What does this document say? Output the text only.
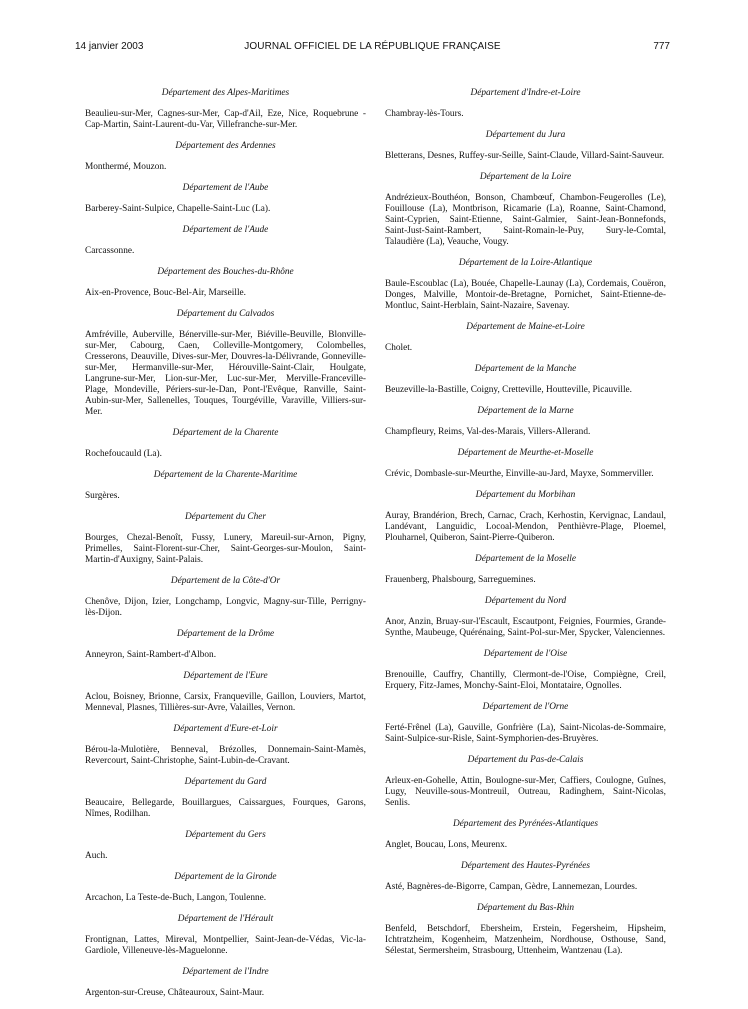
14 janvier 2003	JOURNAL OFFICIEL DE LA RÉPUBLIQUE FRANÇAISE	777

Département des Alpes-Maritimes

Beaulieu-sur-Mer, Cagnes-sur-Mer, Cap-d'Ail, Eze, Nice, Roquebrune - Cap-Martin, Saint-Laurent-du-Var, Villefranche-sur-Mer.

Département des Ardennes

Monthermé, Mouzon.

Département de l'Aube

Barberey-Saint-Sulpice, Chapelle-Saint-Luc (La).

Département de l'Aude

Carcassonne.

Département des Bouches-du-Rhône

Aix-en-Provence, Bouc-Bel-Air, Marseille.

Département du Calvados

Amfréville, Auberville, Bénerville-sur-Mer, Biéville-Beuville, Blonville-sur-Mer, Cabourg, Caen, Colleville-Montgomery, Colombelles, Cresserons, Deauville, Dives-sur-Mer, Douvres-la-Délivrande, Gonneville-sur-Mer, Hermanville-sur-Mer, Hérouville-Saint-Clair, Houlgate, Langrune-sur-Mer, Lion-sur-Mer, Luc-sur-Mer, Merville-Franceville-Plage, Mondeville, Périers-sur-le-Dan, Pont-l'Evêque, Ranville, Saint-Aubin-sur-Mer, Sallenelles, Touques, Tourgéville, Varaville, Villiers-sur-Mer.

Département de la Charente

Rochefoucauld (La).

Département de la Charente-Maritime

Surgères.

Département du Cher

Bourges, Chezal-Benoît, Fussy, Lunery, Mareuil-sur-Arnon, Pigny, Primelles, Saint-Florent-sur-Cher, Saint-Georges-sur-Moulon, Saint-Martin-d'Auxigny, Saint-Palais.

Département de la Côte-d'Or

Chenôve, Dijon, Izier, Longchamp, Longvic, Magny-sur-Tille, Perrigny-lès-Dijon.

Département de la Drôme

Anneyron, Saint-Rambert-d'Albon.

Département de l'Eure

Aclou, Boisney, Brionne, Carsix, Franqueville, Gaillon, Louviers, Martot, Menneval, Plasnes, Tillières-sur-Avre, Valailles, Vernon.

Département d'Eure-et-Loir

Bérou-la-Mulotière, Benneval, Brézolles, Donnemain-Saint-Mamès, Revercourt, Saint-Christophe, Saint-Lubin-de-Cravant.

Département du Gard

Beaucaire, Bellegarde, Bouillargues, Caissargues, Fourques, Garons, Nîmes, Rodilhan.

Département du Gers

Auch.

Département de la Gironde

Arcachon, La Teste-de-Buch, Langon, Toulenne.

Département de l'Hérault

Frontignan, Lattes, Mireval, Montpellier, Saint-Jean-de-Védas, Vic-la-Gardiole, Villeneuve-lès-Maguelonne.

Département de l'Indre

Argenton-sur-Creuse, Châteauroux, Saint-Maur.

Département d'Indre-et-Loire

Chambray-lès-Tours.

Département du Jura

Bletterans, Desnes, Ruffey-sur-Seille, Saint-Claude, Villard-Saint-Sauveur.

Département de la Loire

Andrézieux-Bouthéon, Bonson, Chambœuf, Chambon-Feugerolles (Le), Fouillouse (La), Montbrison, Ricamarie (La), Roanne, Saint-Chamond, Saint-Cyprien, Saint-Etienne, Saint-Galmier, Saint-Jean-Bonnefonds, Saint-Just-Saint-Rambert, Saint-Romain-le-Puy, Sury-le-Comtal, Talaudière (La), Veauche, Vougy.

Département de la Loire-Atlantique

Baule-Escoublac (La), Bouée, Chapelle-Launay (La), Cordemais, Couëron, Donges, Malville, Montoir-de-Bretagne, Pornichet, Saint-Etienne-de-Montluc, Saint-Herblain, Saint-Nazaire, Savenay.

Département de Maine-et-Loire

Cholet.

Département de la Manche

Beuzeville-la-Bastille, Coigny, Cretteville, Houtteville, Picauville.

Département de la Marne

Champfleury, Reims, Val-des-Marais, Villers-Allerand.

Département de Meurthe-et-Moselle

Crévic, Dombasle-sur-Meurthe, Einville-au-Jard, Mayxe, Sommerviller.

Département du Morbihan

Auray, Brandérion, Brech, Carnac, Crach, Kerhostin, Kervignac, Landaul, Landévant, Languidic, Locoal-Mendon, Penthièvre-Plage, Ploemel, Plouharnel, Quiberon, Saint-Pierre-Quiberon.

Département de la Moselle

Frauenberg, Phalsbourg, Sarreguemines.

Département du Nord

Anor, Anzin, Bruay-sur-l'Escault, Escautpont, Feignies, Fourmies, Grande-Synthe, Maubeuge, Quérénaing, Saint-Pol-sur-Mer, Spycker, Valenciennes.

Département de l'Oise

Brenouille, Cauffry, Chantilly, Clermont-de-l'Oise, Compiègne, Creil, Erquery, Fitz-James, Monchy-Saint-Eloi, Montataire, Ognolles.

Département de l'Orne

Ferté-Frênel (La), Gauville, Gonfrière (La), Saint-Nicolas-de-Sommaire, Saint-Sulpice-sur-Risle, Saint-Symphorien-des-Bruyères.

Département du Pas-de-Calais

Arleux-en-Gohelle, Attin, Boulogne-sur-Mer, Caffiers, Coulogne, Guînes, Lugy, Neuville-sous-Montreuil, Outreau, Radinghem, Saint-Nicolas, Senlis.

Département des Pyrénées-Atlantiques

Anglet, Boucau, Lons, Meurenx.

Département des Hautes-Pyrénées

Asté, Bagnères-de-Bigorre, Campan, Gèdre, Lannemezan, Lourdes.

Département du Bas-Rhin

Benfeld, Betschdorf, Ebersheim, Erstein, Fegersheim, Hipsheim, Ichtratzheim, Kogenheim, Matzenheim, Nordhouse, Osthouse, Sand, Sélestat, Sermersheim, Strasbourg, Uttenheim, Wantzenau (La).
